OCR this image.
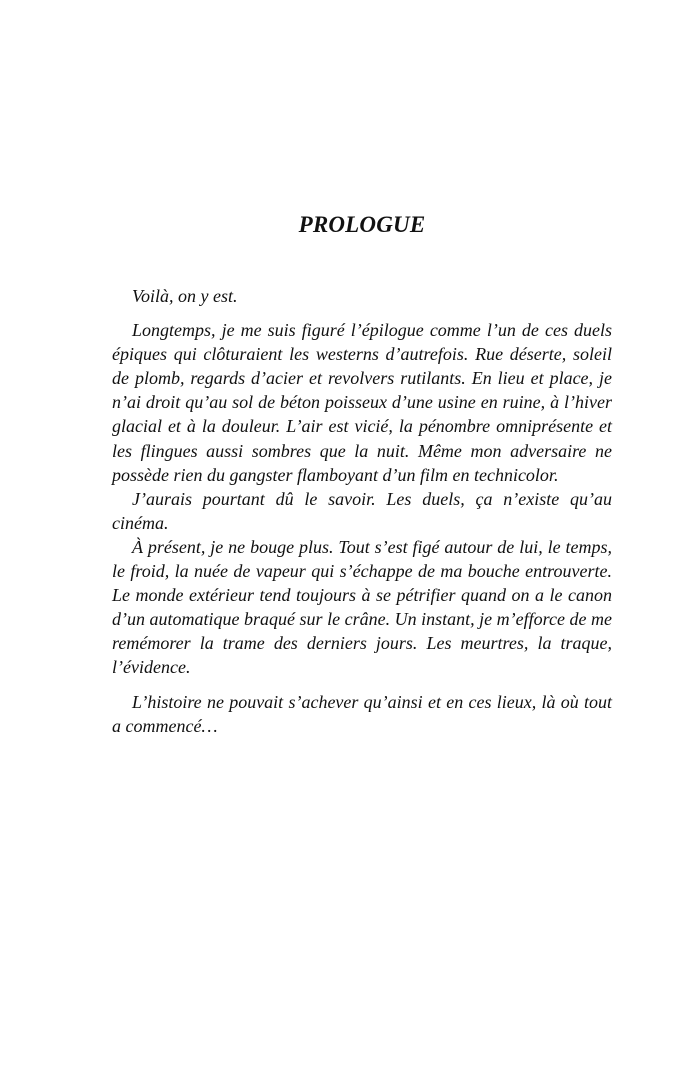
PROLOGUE

Voilà, on y est.

Longtemps, je me suis figuré l’épilogue comme l’un de ces duels épiques qui clôturaient les westerns d’autrefois. Rue déserte, soleil de plomb, regards d’acier et revolvers rutilants. En lieu et place, je n’ai droit qu’au sol de béton poisseux d’une usine en ruine, à l’hiver glacial et à la douleur. L’air est vicié, la pénombre omniprésente et les flingues aussi sombres que la nuit. Même mon adversaire ne possède rien du gangster flamboyant d’un film en technicolor.

J’aurais pourtant dû le savoir. Les duels, ça n’existe qu’au cinéma.

À présent, je ne bouge plus. Tout s’est figé autour de lui, le temps, le froid, la nuée de vapeur qui s’échappe de ma bouche entrouverte. Le monde extérieur tend toujours à se pétrifier quand on a le canon d’un automatique braqué sur le crâne. Un instant, je m’efforce de me remémorer la trame des derniers jours. Les meurtres, la traque, l’évidence.

L’histoire ne pouvait s’achever qu’ainsi et en ces lieux, là où tout a commencé…
